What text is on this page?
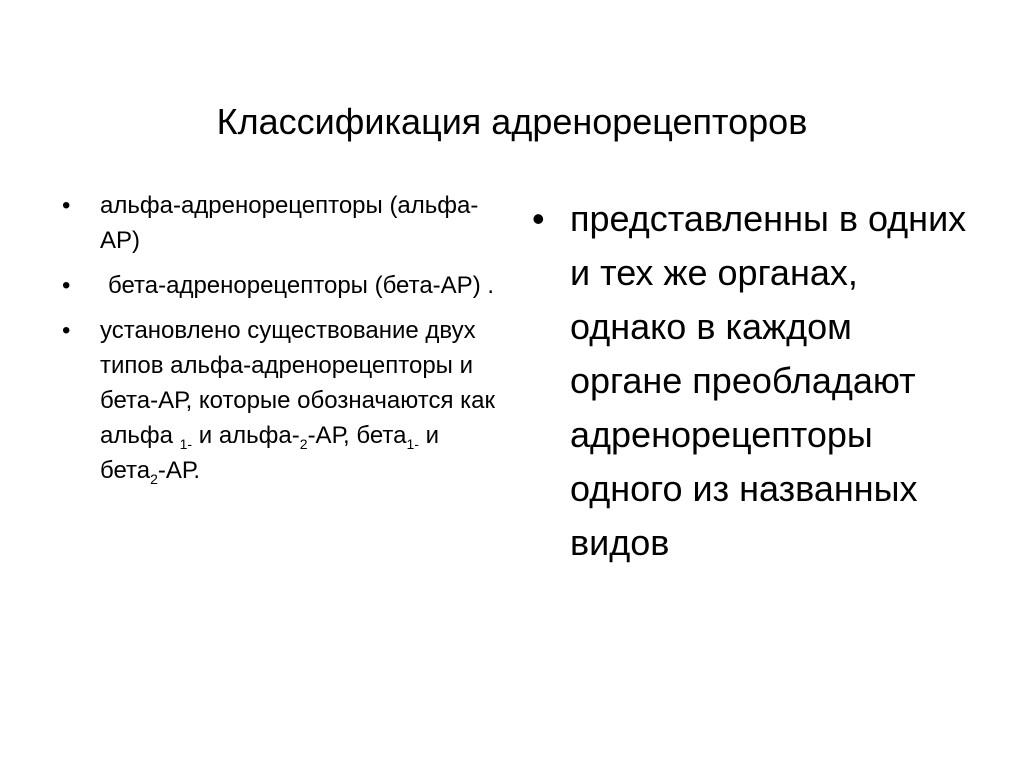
Классификация адренорецепторов
• альфа-адренорецепторы (альфа-АР)
• бета-адренорецепторы (бета-АР) .
• установлено существование двух типов альфа-адренорецепторы и бета-АР, которые обозначаются как альфа $_{1-}$ и альфа-$_2-АР$, бета$_{1-}$ и бета$_2$-АР.
• представленны в одних и тех же органах, однако в каждом органе преобладают адренорецепторы одного из названных видов
